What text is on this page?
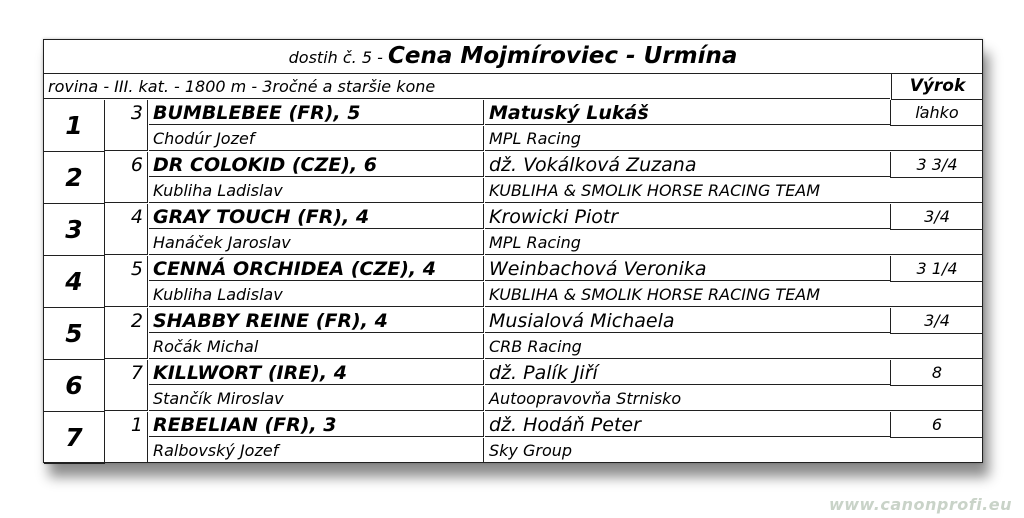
dostih č. 5 - Cena Mojmíroviec - Urmína
rovina - III. kat. - 1800 m - 3ročné a staršie kone	Výrok
1	3 BUMBLEBEE (FR), 5	Matuský Lukáš	ľahko
Chodúr Jozef	MPL Racing
2	6 DR COLOKID (CZE), 6	dž. Vokálková Zuzana	3 3/4
Kubliha Ladislav	KUBLIHA & SMOLIK HORSE RACING TEAM
3	4 GRAY TOUCH (FR), 4	Krowicki Piotr	3/4
Hanáček Jaroslav	MPL Racing
4	5 CENNÁ ORCHIDEA (CZE), 4	Weinbachová Veronika	3 1/4
Kubliha Ladislav	KUBLIHA & SMOLIK HORSE RACING TEAM
5	2 SHABBY REINE (FR), 4	Musialová Michaela	3/4
Ročák Michal	CRB Racing
6	7 KILLWORT (IRE), 4	dž. Palík Jiří	8
Stančík Miroslav	Autoopravovňa Strnisko
7	1 REBELIAN (FR), 3	dž. Hodáň Peter	6
Ralbovský Jozef	Sky Group
www.canonprofi.eu
